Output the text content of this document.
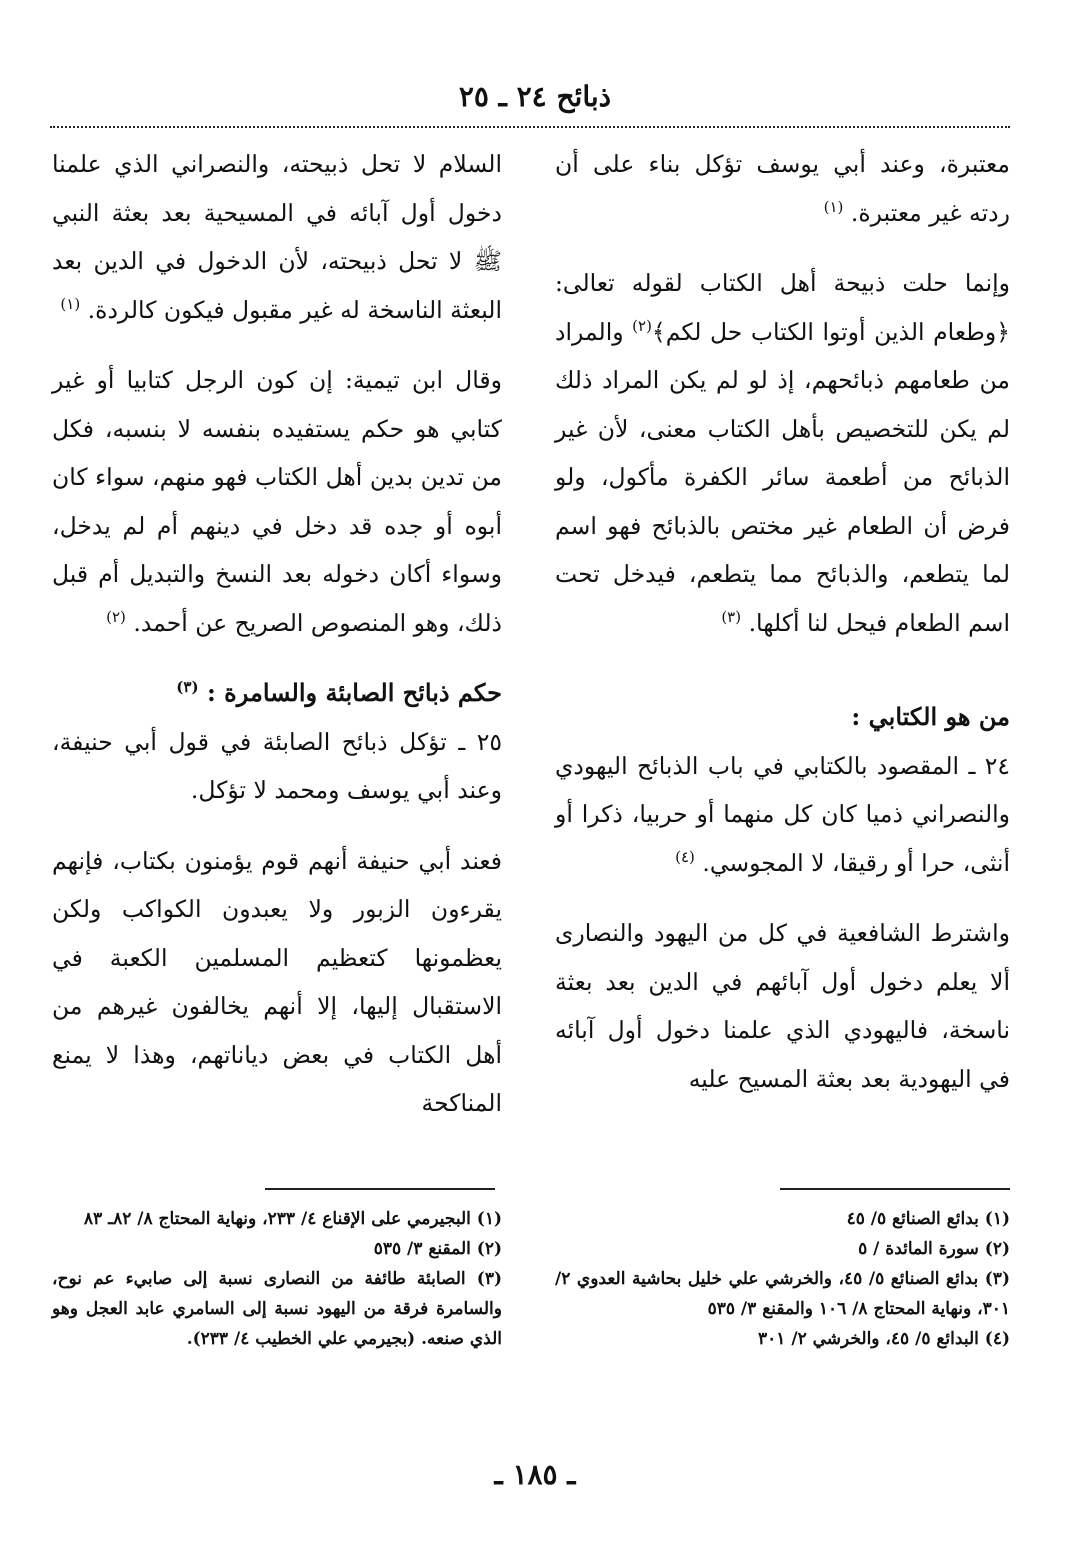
ذبائح ٢٤ ـ ٢٥

معتبرة، وعند أبي يوسف تؤكل بناء على أن ردته غير معتبرة. $^{(١)}$

وإنما حلت ذبيحة أهل الكتاب لقوله تعالى: ﴿وطعام الذين أوتوا الكتاب حل لكم﴾$^{(٢)}$ والمراد من طعامهم ذبائحهم، إذ لو لم يكن المراد ذلك لم يكن للتخصيص بأهل الكتاب معنى، لأن غير الذبائح من أطعمة سائر الكفرة مأكول، ولو فرض أن الطعام غير مختص بالذبائح فهو اسم لما يتطعم، والذبائح مما يتطعم، فيدخل تحت اسم الطعام فيحل لنا أكلها. $^{(٣)}$

من هو الكتابي :

٢٤ ـ المقصود بالكتابي في باب الذبائح اليهودي والنصراني ذميا كان كل منهما أو حربيا، ذكرا أو أنثى، حرا أو رقيقا، لا المجوسي. $^{(٤)}$

واشترط الشافعية في كل من اليهود والنصارى ألا يعلم دخول أول آبائهم في الدين بعد بعثة ناسخة، فاليهودي الذي علمنا دخول أول آبائه في اليهودية بعد بعثة المسيح عليه

السلام لا تحل ذبيحته، والنصراني الذي علمنا دخول أول آبائه في المسيحية بعد بعثة النبي ﷺ لا تحل ذبيحته، لأن الدخول في الدين بعد البعثة الناسخة له غير مقبول فيكون كالردة. $^{(١)}$

وقال ابن تيمية: إن كون الرجل كتابيا أو غير كتابي هو حكم يستفيده بنفسه لا بنسبه، فكل من تدين بدين أهل الكتاب فهو منهم، سواء كان أبوه أو جده قد دخل في دينهم أم لم يدخل، وسواء أكان دخوله بعد النسخ والتبديل أم قبل ذلك، وهو المنصوص الصريح عن أحمد. $^{(٢)}$

حكم ذبائح الصابئة والسامرة : $^{(٣)}$

٢٥ ـ تؤكل ذبائح الصابئة في قول أبي حنيفة، وعند أبي يوسف ومحمد لا تؤكل.

فعند أبي حنيفة أنهم قوم يؤمنون بكتاب، فإنهم يقرءون الزبور ولا يعبدون الكواكب ولكن يعظمونها كتعظيم المسلمين الكعبة في الاستقبال إليها، إلا أنهم يخالفون غيرهم من أهل الكتاب في بعض دياناتهم، وهذا لا يمنع المناكحة

(١) بدائع الصنائع ٥/ ٤٥
(٢) سورة المائدة / ٥
(٣) بدائع الصنائع ٥/ ٤٥، والخرشي علي خليل بحاشية العدوي ٢/ ٣٠١، ونهاية المحتاج ٨/ ١٠٦ والمقنع ٣/ ٥٣٥
(٤) البدائع ٥/ ٤٥، والخرشي ٢/ ٣٠١
(١) البجيرمي على الإقناع ٤/ ٢٣٣، ونهاية المحتاج ٨/ ٨٢ـ ٨٣
(٢) المقنع ٣/ ٥٣٥
(٣) الصابئة طائفة من النصارى نسبة إلى صابيء عم نوح، والسامرة فرقة من اليهود نسبة إلى السامري عابد العجل وهو الذي صنعه. (بجيرمي علي الخطيب ٤/ ٢٣٣).
ـ ١٨٥ ـ
